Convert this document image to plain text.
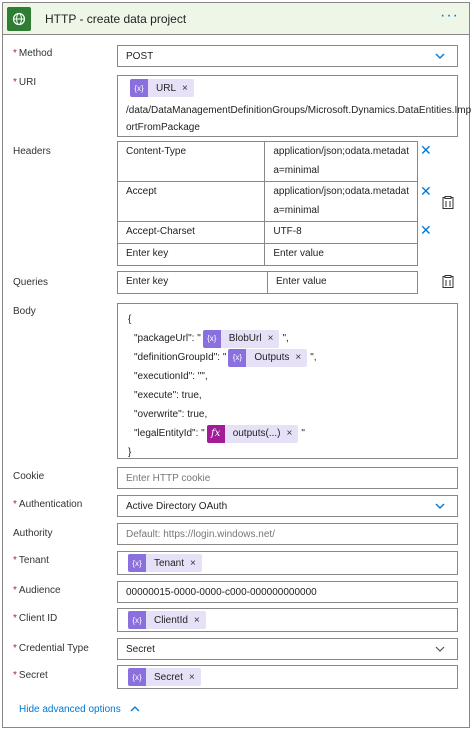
HTTP - create data project	···
* Method	POST
* URI	{x}	URL ×
/data/DataManagementDefinitionGroups/Microsoft.Dynamics.DataEntities.Imp
ortFromPackage
Headers	Content-Type	application/json;odata.metadat
a=minimal

Accept	application/json;odata.metadat
a=minimal

Accept-Charset	UTF-8
Enter key	Enter value
✕
✕
✕
Queries	Enter key	Enter value
Body
{
"packageUrl": " {x}	BlobUrl × ",
"definitionGroupId": " {x}	Outputs × ",
"executionId": "",
"execute": true,
"overwrite": true,
"legalEntityId": " fx	outputs(...) × "
}
Cookie	Enter HTTP cookie
* Authentication	Active Directory OAuth
Authority	Default: https://login.windows.net/
* Tenant	{x}	Tenant ×
* Audience	00000015-0000-0000-c000-000000000000
* Client ID	{x}	ClientId ×
* Credential Type	Secret
* Secret	{x}	Secret ×
Hide advanced options
